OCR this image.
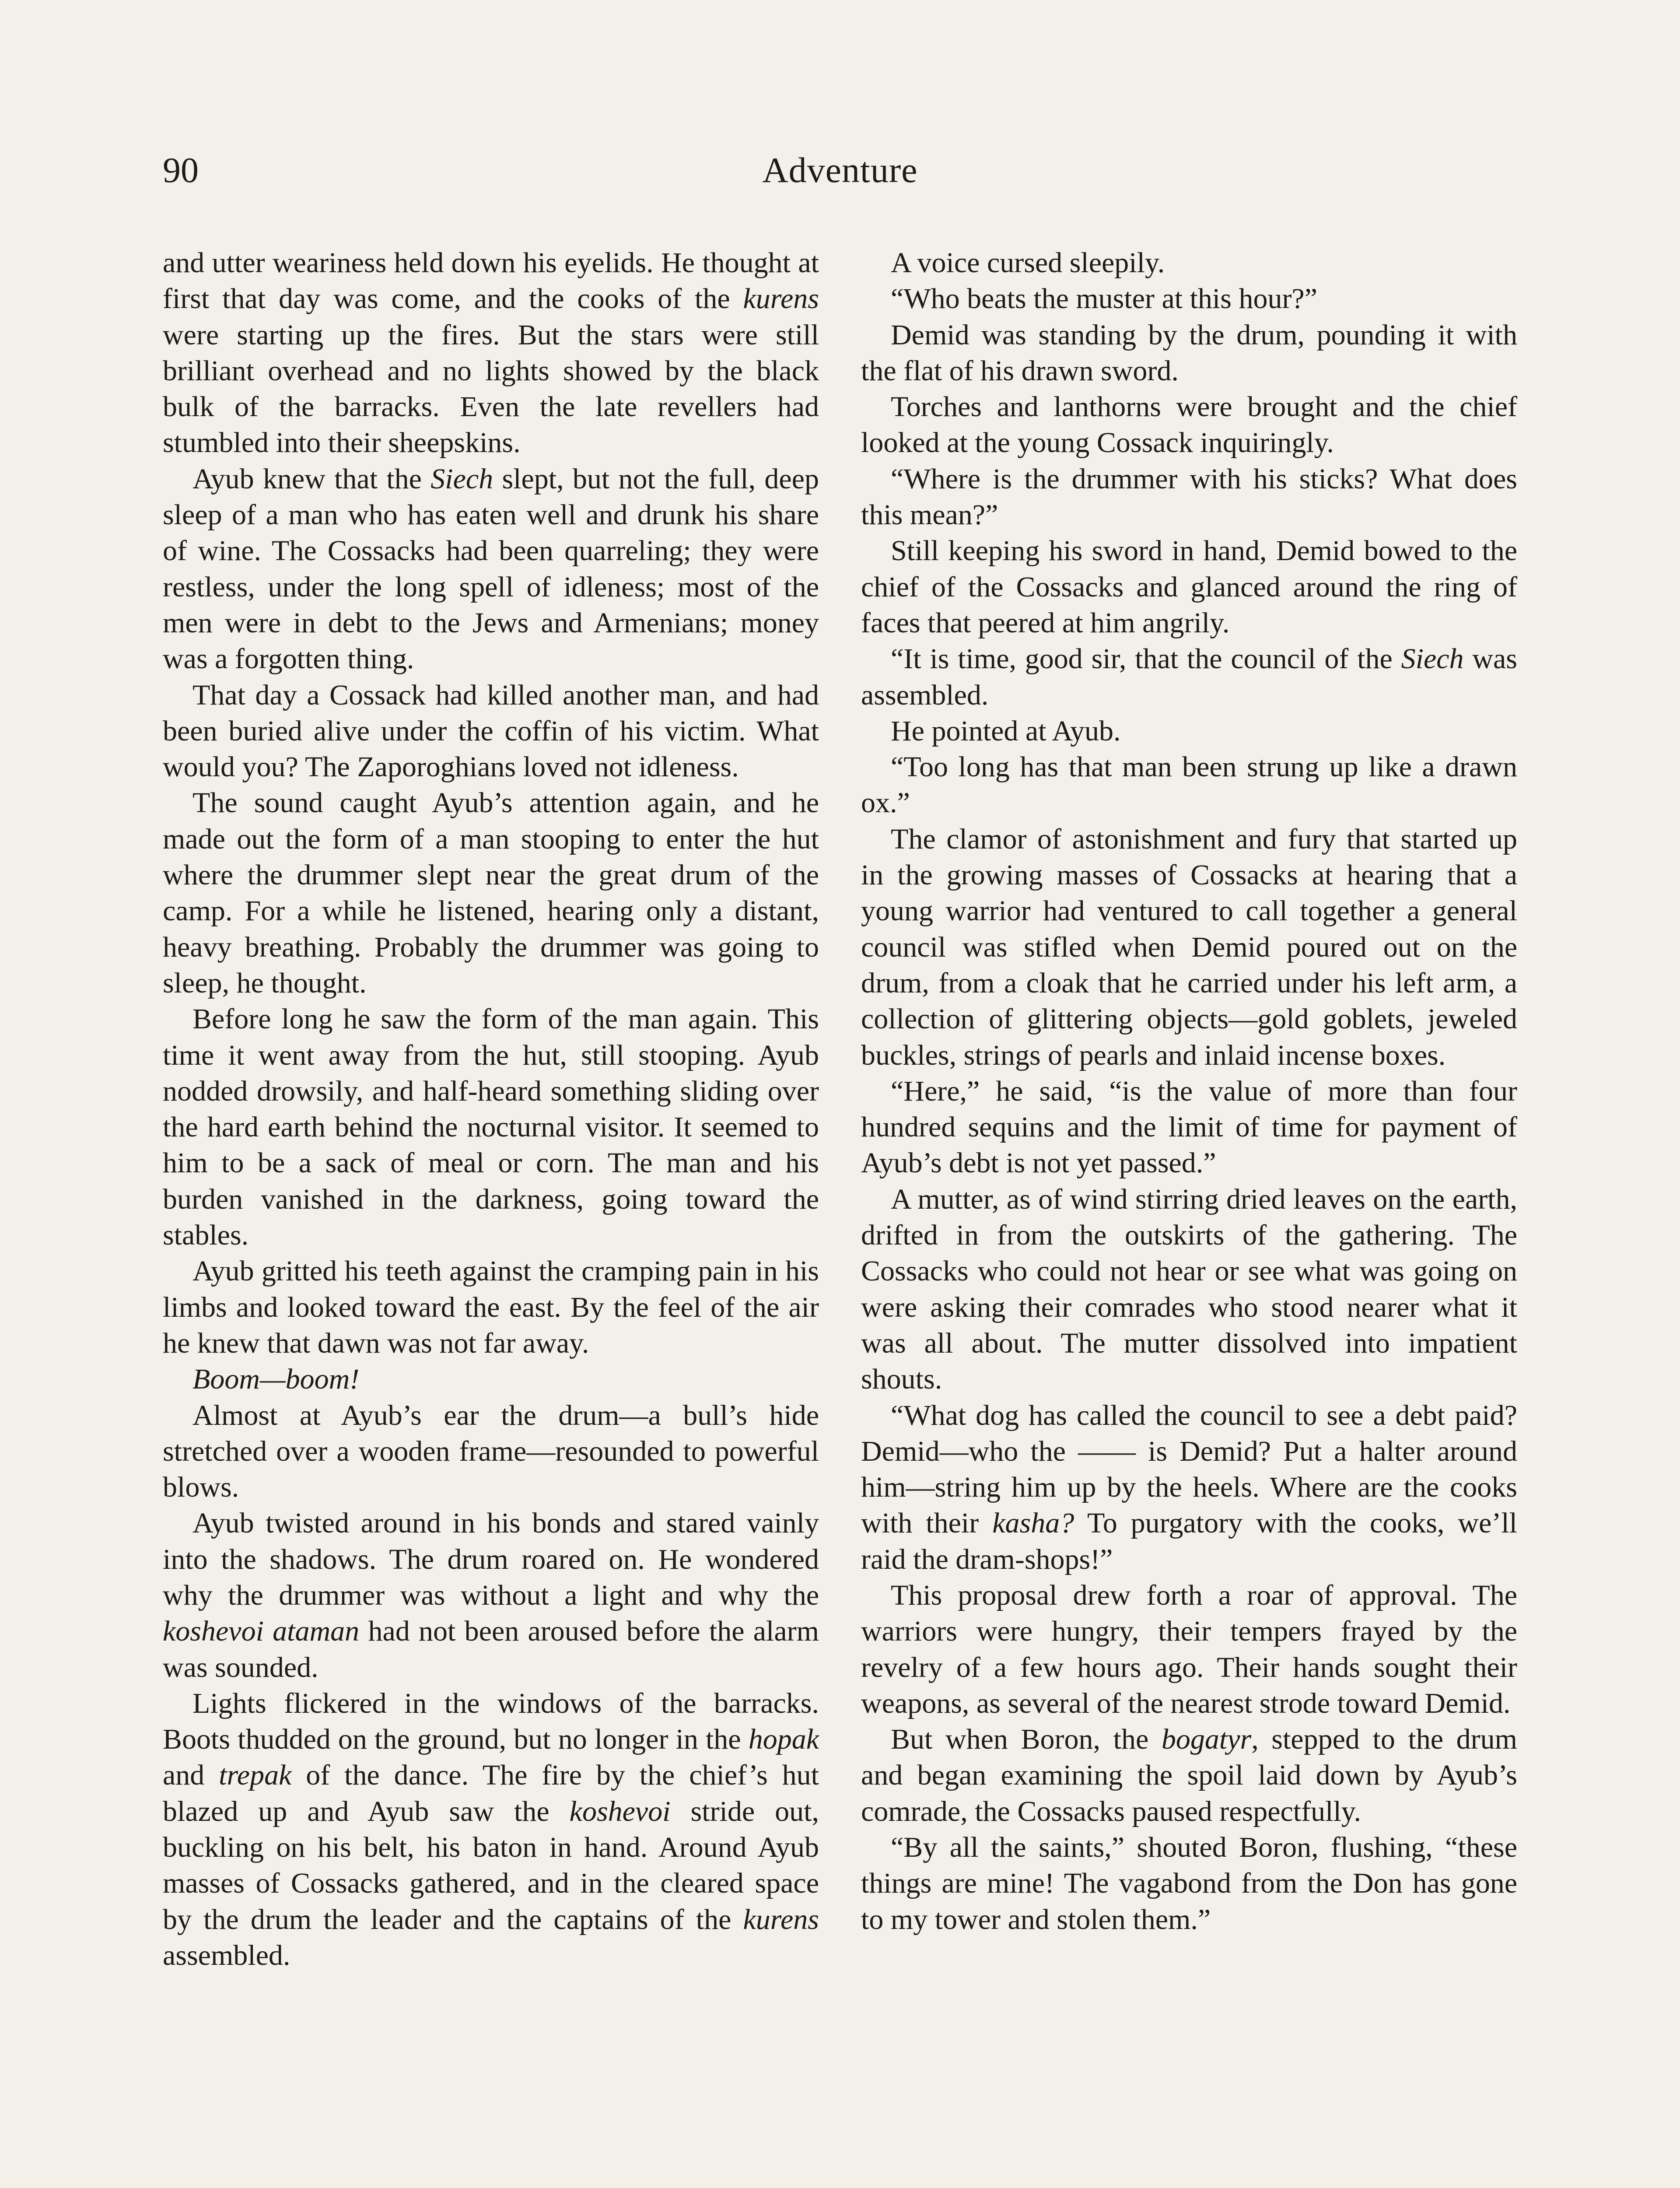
90	Adventure

and utter weariness held down his eyelids. He thought at first that day was come, and the cooks of the kurens were starting up the fires. But the stars were still brilliant overhead and no lights showed by the black bulk of the barracks. Even the late revellers had stumbled into their sheepskins.

Ayub knew that the Siech slept, but not the full, deep sleep of a man who has eaten well and drunk his share of wine. The Cossacks had been quarreling; they were restless, under the long spell of idleness; most of the men were in debt to the Jews and Armenians; money was a forgotten thing.

That day a Cossack had killed another man, and had been buried alive under the coffin of his victim. What would you? The Zaporoghians loved not idleness.

The sound caught Ayub’s attention again, and he made out the form of a man stooping to enter the hut where the drummer slept near the great drum of the camp. For a while he listened, hearing only a distant, heavy breathing. Probably the drummer was going to sleep, he thought.

Before long he saw the form of the man again. This time it went away from the hut, still stooping. Ayub nodded drowsily, and half-heard something sliding over the hard earth behind the nocturnal visitor. It seemed to him to be a sack of meal or corn. The man and his burden vanished in the darkness, going toward the stables.

Ayub gritted his teeth against the cramping pain in his limbs and looked toward the east. By the feel of the air he knew that dawn was not far away.

Boom—boom!

Almost at Ayub’s ear the drum—a bull’s hide stretched over a wooden frame—resounded to powerful blows.

Ayub twisted around in his bonds and stared vainly into the shadows. The drum roared on. He wondered why the drummer was without a light and why the koshevoi ataman had not been aroused before the alarm was sounded.

Lights flickered in the windows of the barracks. Boots thudded on the ground, but no longer in the hopak and trepak of the dance. The fire by the chief’s hut blazed up and Ayub saw the koshevoi stride out, buckling on his belt, his baton in hand. Around Ayub masses of Cossacks gathered, and in the cleared space by the drum the leader and the captains of the kurens assembled.

A voice cursed sleepily.

“Who beats the muster at this hour?”

Demid was standing by the drum, pounding it with the flat of his drawn sword.

Torches and lanthorns were brought and the chief looked at the young Cossack inquiringly.

“Where is the drummer with his sticks? What does this mean?”

Still keeping his sword in hand, Demid bowed to the chief of the Cossacks and glanced around the ring of faces that peered at him angrily.

“It is time, good sir, that the council of the Siech was assembled.

He pointed at Ayub.

“Too long has that man been strung up like a drawn ox.”

The clamor of astonishment and fury that started up in the growing masses of Cossacks at hearing that a young warrior had ventured to call together a general council was stifled when Demid poured out on the drum, from a cloak that he carried under his left arm, a collection of glittering objects—gold goblets, jeweled buckles, strings of pearls and inlaid incense boxes.

“Here,” he said, “is the value of more than four hundred sequins and the limit of time for payment of Ayub’s debt is not yet passed.”

A mutter, as of wind stirring dried leaves on the earth, drifted in from the outskirts of the gathering. The Cossacks who could not hear or see what was going on were asking their comrades who stood nearer what it was all about. The mutter dissolved into impatient shouts.

“What dog has called the council to see a debt paid? Demid—who the —— is Demid? Put a halter around him—string him up by the heels. Where are the cooks with their kasha? To purgatory with the cooks, we’ll raid the dram-shops!”

This proposal drew forth a roar of approval. The warriors were hungry, their tempers frayed by the revelry of a few hours ago. Their hands sought their weapons, as several of the nearest strode toward Demid.

But when Boron, the bogatyr, stepped to the drum and began examining the spoil laid down by Ayub’s comrade, the Cossacks paused respectfully.

“By all the saints,” shouted Boron, flushing, “these things are mine! The vagabond from the Don has gone to my tower and stolen them.”
